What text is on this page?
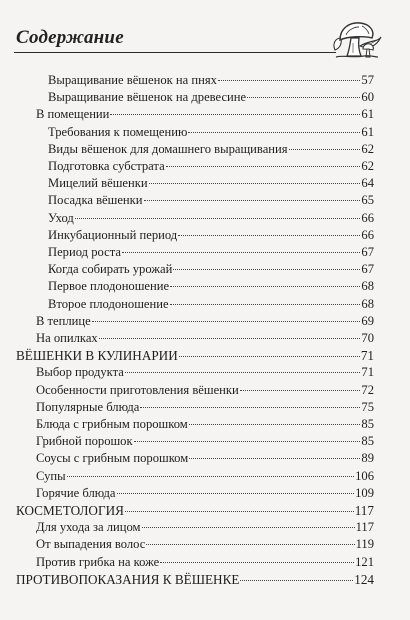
Содержание
Выращивание вёшенок на пнях	57
Выращивание вёшенок на древесине	60
В помещении	61
Требования к помещению	61
Виды вёшенок для домашнего выращивания	62
Подготовка субстрата	62
Мицелий вёшенки	64
Посадка вёшенки	65
Уход	66
Инкубационный период	66
Период роста	67
Когда собирать урожай	67
Первое плодоношение	68
Второе плодоношение	68
В теплице	69
На опилках	70
ВЁШЕНКИ В КУЛИНАРИИ	71
Выбор продукта	71
Особенности приготовления вёшенки	72
Популярные блюда	75
Блюда с грибным порошком	85
Грибной порошок	85
Соусы с грибным порошком	89
Супы	106
Горячие блюда	109
КОСМЕТОЛОГИЯ	117
Для ухода за лицом	117
От выпадения волос	119
Против грибка на коже	121
ПРОТИВОПОКАЗАНИЯ К ВЁШЕНКЕ	124
